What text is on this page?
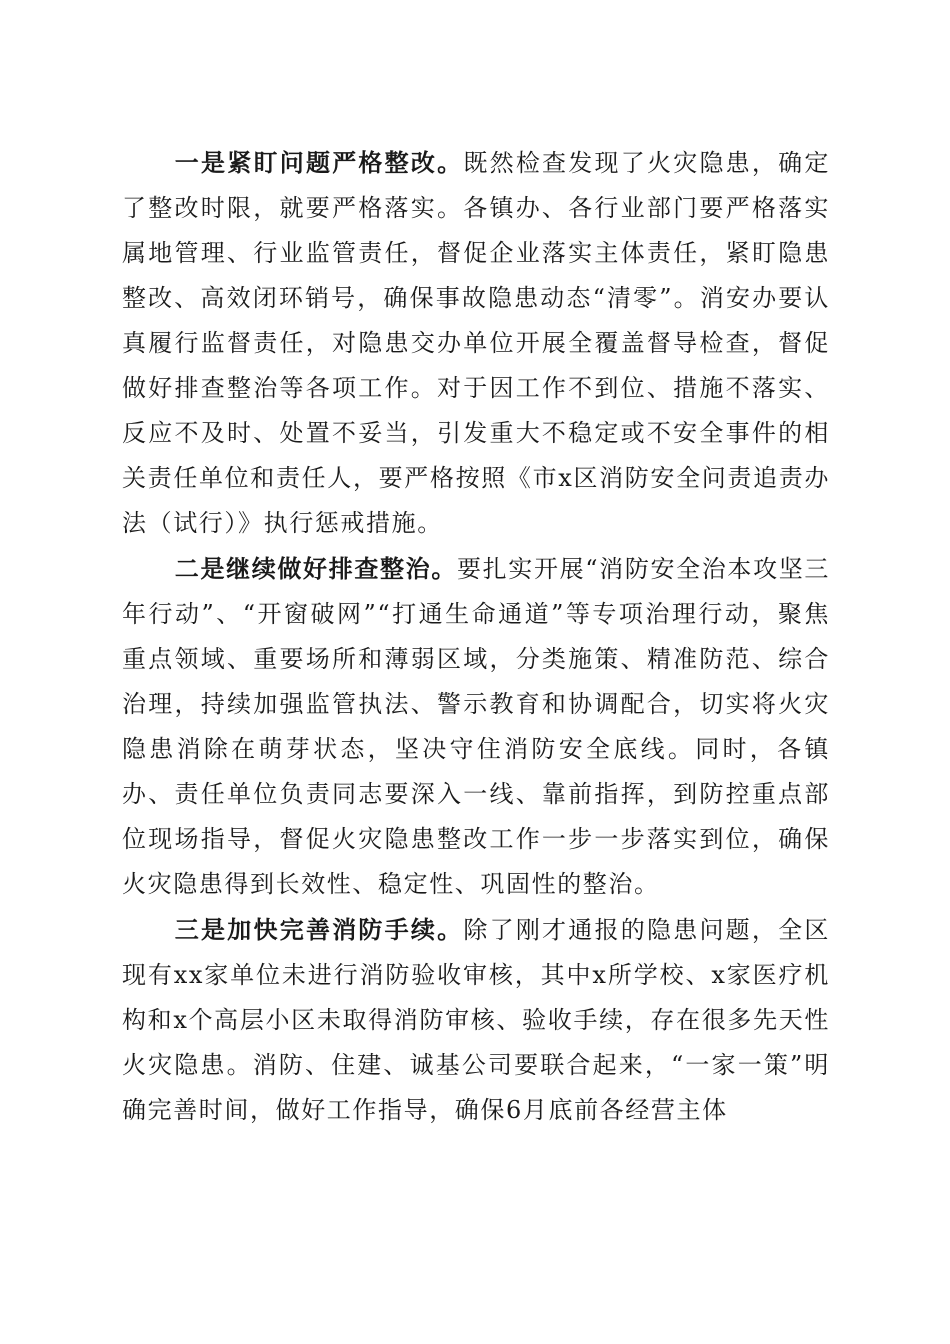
一是紧盯问题严格整改。既然检查发现了火灾隐患，确定了整改时限，就要严格落实。各镇办、各行业部门要严格落实属地管理、行业监管责任，督促企业落实主体责任，紧盯隐患整改、高效闭环销号，确保事故隐患动态“清零”。消安办要认真履行监督责任，对隐患交办单位开展全覆盖督导检查，督促做好排查整治等各项工作。对于因工作不到位、措施不落实、反应不及时、处置不妥当，引发重大不稳定或不安全事件的相关责任单位和责任人，要严格按照《市x区消防安全问责追责办法（试行）》执行惩戒措施。

二是继续做好排查整治。要扎实开展“消防安全治本攻坚三年行动”、“开窗破网”“打通生命通道”等专项治理行动，聚焦重点领域、重要场所和薄弱区域，分类施策、精准防范、综合治理，持续加强监管执法、警示教育和协调配合，切实将火灾隐患消除在萌芽状态，坚决守住消防安全底线。同时，各镇办、责任单位负责同志要深入一线、靠前指挥，到防控重点部位现场指导，督促火灾隐患整改工作一步一步落实到位，确保火灾隐患得到长效性、稳定性、巩固性的整治。

三是加快完善消防手续。除了刚才通报的隐患问题，全区现有xx家单位未进行消防验收审核，其中x所学校、x家医疗机构和x个高层小区未取得消防审核、验收手续，存在很多先天性火灾隐患。消防、住建、诚基公司要联合起来，“一家一策”明确完善时间，做好工作指导，确保6月底前各经营主体
